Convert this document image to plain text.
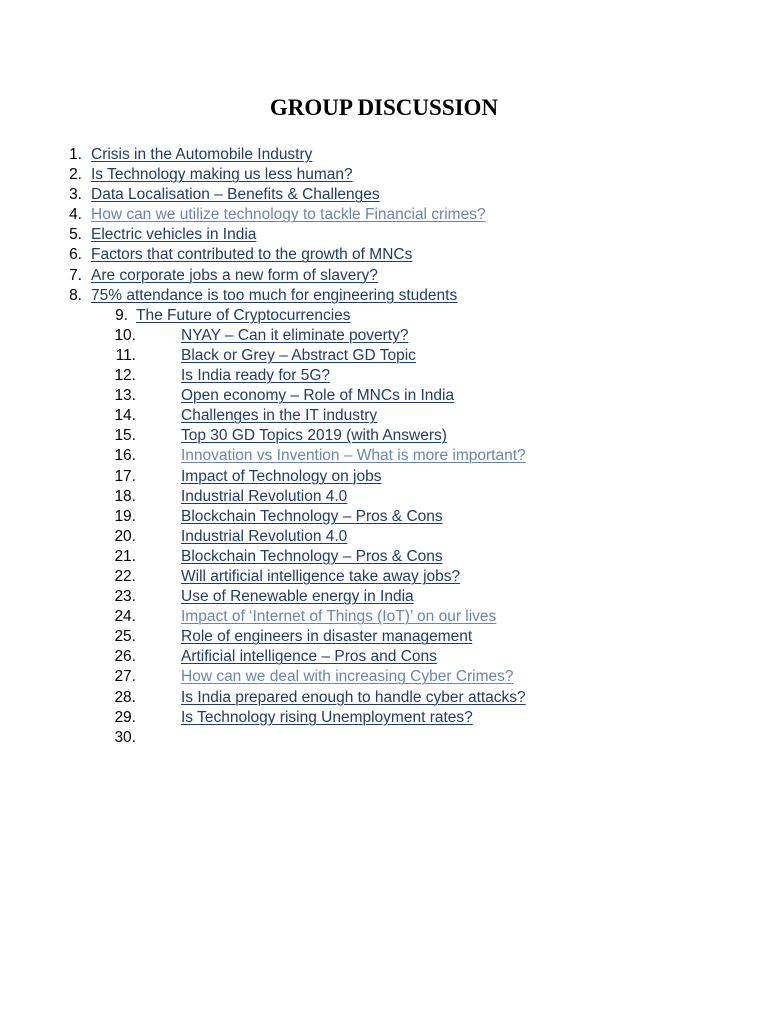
GROUP DISCUSSION
1. Crisis in the Automobile Industry
2. Is Technology making us less human?
3. Data Localisation – Benefits & Challenges
4. How can we utilize technology to tackle Financial crimes?
5. Electric vehicles in India
6. Factors that contributed to the growth of MNCs
7. Are corporate jobs a new form of slavery?
8. 75% attendance is too much for engineering students
9. The Future of Cryptocurrencies
10.	NYAY – Can it eliminate poverty?
11.	Black or Grey – Abstract GD Topic
12.	Is India ready for 5G?
13.	Open economy – Role of MNCs in India
14.	Challenges in the IT industry
15.	Top 30 GD Topics 2019 (with Answers)
16.	Innovation vs Invention – What is more important?
17.	Impact of Technology on jobs
18.	Industrial Revolution 4.0
19.	Blockchain Technology – Pros & Cons
20.	Industrial Revolution 4.0
21.	Blockchain Technology – Pros & Cons
22.	Will artificial intelligence take away jobs?
23.	Use of Renewable energy in India
24.	Impact of ‘Internet of Things (IoT)’ on our lives
25.	Role of engineers in disaster management
26.	Artificial intelligence – Pros and Cons
27.	How can we deal with increasing Cyber Crimes?
28.	Is India prepared enough to handle cyber attacks?
29.	Is Technology rising Unemployment rates?
30.
